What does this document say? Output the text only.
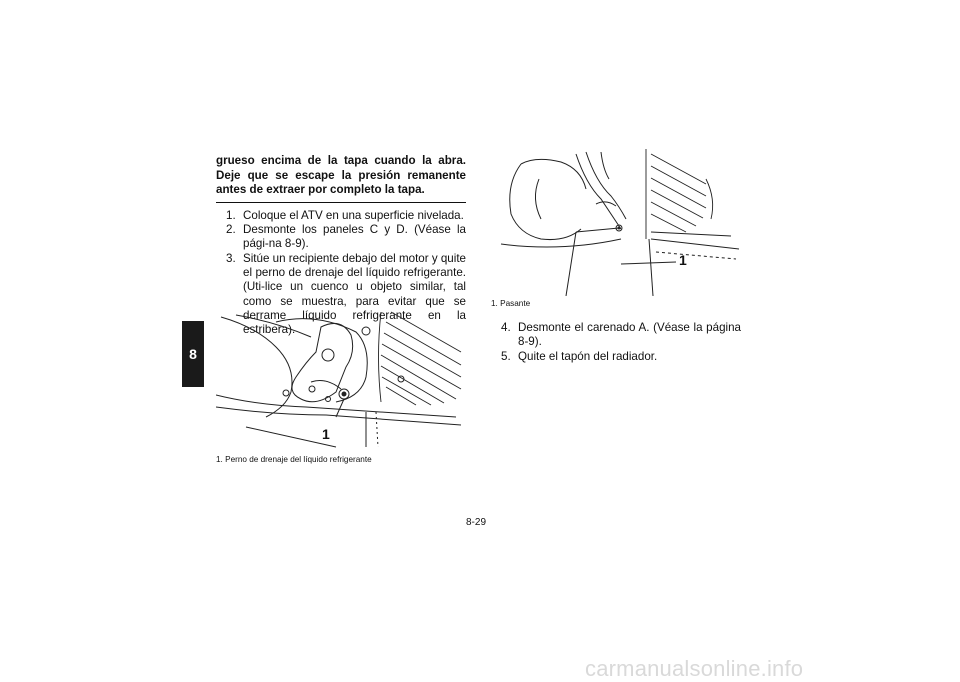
8
grueso encima de la tapa cuando la abra. Deje que se escape la presión remanente antes de extraer por completo la tapa.
1. Coloque el ATV en una superficie nivelada.
2. Desmonte los paneles C y D. (Véase la pági-na 8-9).
3. Sitúe un recipiente debajo del motor y quite el perno de drenaje del líquido refrigerante. (Uti-lice un cuenco u objeto similar, tal como se muestra, para evitar que se derrame líquido refrigerante en la estribera).
1
1. Perno de drenaje del líquido refrigerante
1
1. Pasante
4. Desmonte el carenado A. (Véase la página 8-9).
5. Quite el tapón del radiador.
8-29
carmanualsonline.info
